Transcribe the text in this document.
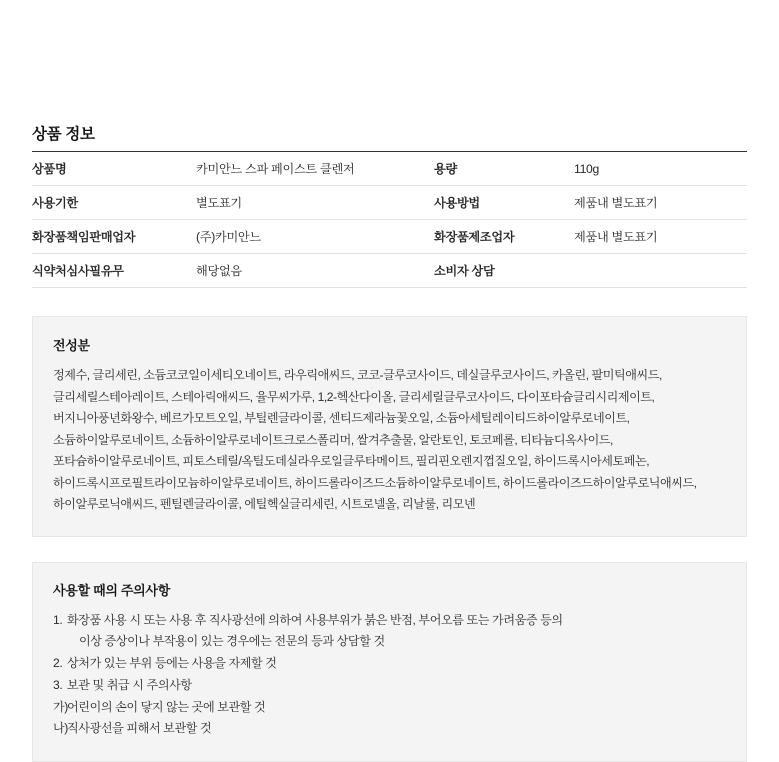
상품 정보
상품명	카미안느 스파 페이스트 클렌저	용량	110g
사용기한	별도표기	사용방법	제품내 별도표기
화장품책임판매업자	(주)카미안느	화장품제조업자	제품내 별도표기
식약처심사필유무	해당없음	소비자 상담	
전성분
정제수, 글리세린, 소듐코코일이세티오네이트, 라우릭애씨드, 코코-글루코사이드, 데실글루코사이드, 카올린, 팔미틱애씨드, 글리세릴스테아레이트, 스테아릭애씨드, 율무씨가루, 1,2-헥산다이올, 글리세릴글루코사이드, 다이포타슘글리시리제이트, 버지니아풍년화왕수, 베르가모트오일, 부틸렌글라이콜, 센티드제라늄꽃오일, 소듐아세틸레이티드하이알루로네이트, 소듐하이알루로네이트, 소듐하이알루로네이트크로스폴리머, 쌀겨추출물, 알란토인, 토코페롤, 티타늄디옥사이드, 포타슘하이알루로네이트, 피토스테릴/옥틸도데실라우로일글루타메이트, 필리핀오렌지껍질오일, 하이드록시아세토페논, 하이드록시프로필트라이모늄하이알루로네이트, 하이드롤라이즈드소듐하이알루로네이트, 하이드롤라이즈드하이알루로닉애씨드, 하이알루로닉애씨드, 펜틸렌글라이콜, 에틸헥실글리세린, 시트로넬올, 리날룰, 리모넨
사용할 때의 주의사항
1. 화장품 사용 시 또는 사용 후 직사광선에 의하여 사용부위가 붉은 반점, 부어오름 또는 가려움증 등의
이상 증상이나 부작용이 있는 경우에는 전문의 등과 상담할 것
2. 상처가 있는 부위 등에는 사용을 자제할 것
3. 보관 및 취급 시 주의사항
가) 어린이의 손이 닿지 않는 곳에 보관할 것
나) 직사광선을 피해서 보관할 것
